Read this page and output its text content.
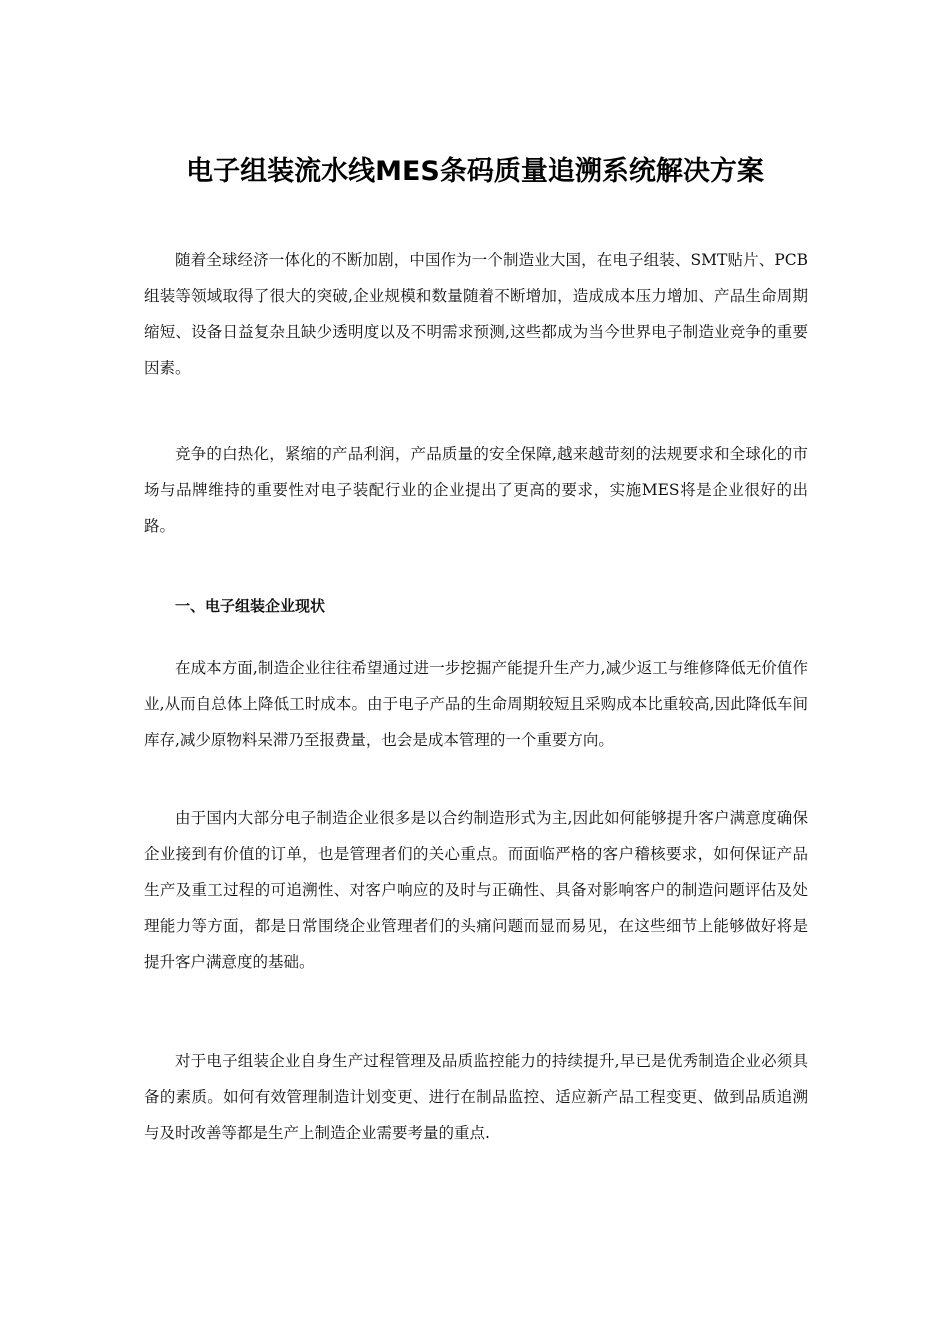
电子组装流水线MES条码质量追溯系统解决方案

随着全球经济一体化的不断加剧，中国作为一个制造业大国，在电子组装、SMT贴片、PCB组装等领域取得了很大的突破,企业规模和数量随着不断增加，造成成本压力增加、产品生命周期缩短、设备日益复杂且缺少透明度以及不明需求预测,这些都成为当今世界电子制造业竞争的重要因素。

竞争的白热化，紧缩的产品利润，产品质量的安全保障,越来越苛刻的法规要求和全球化的市场与品牌维持的重要性对电子装配行业的企业提出了更高的要求，实施MES将是企业很好的出路。

一、电子组装企业现状

在成本方面,制造企业往往希望通过进一步挖掘产能提升生产力,减少返工与维修降低无价值作业,从而自总体上降低工时成本。由于电子产品的生命周期较短且采购成本比重较高,因此降低车间库存,减少原物料呆滞乃至报费量，也会是成本管理的一个重要方向。

由于国内大部分电子制造企业很多是以合约制造形式为主,因此如何能够提升客户满意度确保企业接到有价值的订单，也是管理者们的关心重点。而面临严格的客户稽核要求，如何保证产品生产及重工过程的可追溯性、对客户响应的及时与正确性、具备对影响客户的制造问题评估及处理能力等方面，都是日常围绕企业管理者们的头痛问题而显而易见，在这些细节上能够做好将是提升客户满意度的基础。

对于电子组装企业自身生产过程管理及品质监控能力的持续提升,早已是优秀制造企业必须具备的素质。如何有效管理制造计划变更、进行在制品监控、适应新产品工程变更、做到品质追溯与及时改善等都是生产上制造企业需要考量的重点.
